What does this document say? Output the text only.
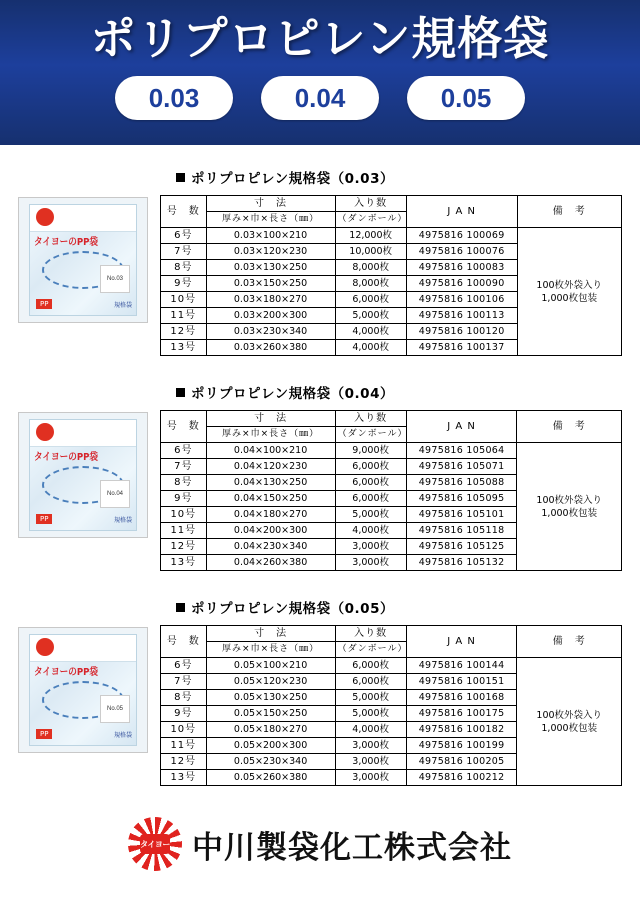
ポリプロピレン規格袋
0.03	0.04	0.05
ポリプロピレン規格袋（0.03）
タイヨーのPP袋
No.03
PP	規格袋
号　数	寸　法	入り数	J A N	備　考
	厚み×巾×長さ（㎜）	（ダンボール）		
6号	0.03×100×210	12,000枚	4975816 100069	100枚外袋入り
1,000枚包装

7号	0.03×120×230	10,000枚	4975816 100076	
8号	0.03×130×250	8,000枚	4975816 100083	
9号	0.03×150×250	8,000枚	4975816 100090	
10号	0.03×180×270	6,000枚	4975816 100106	
11号	0.03×200×300	5,000枚	4975816 100113	
12号	0.03×230×340	4,000枚	4975816 100120	
13号	0.03×260×380	4,000枚	4975816 100137	
ポリプロピレン規格袋（0.04）
タイヨーのPP袋
No.04
PP	規格袋
号　数	寸　法	入り数	J A N	備　考
	厚み×巾×長さ（㎜）	（ダンボール）		
6号	0.04×100×210	9,000枚	4975816 105064	100枚外袋入り
1,000枚包装

7号	0.04×120×230	6,000枚	4975816 105071	
8号	0.04×130×250	6,000枚	4975816 105088	
9号	0.04×150×250	6,000枚	4975816 105095	
10号	0.04×180×270	5,000枚	4975816 105101	
11号	0.04×200×300	4,000枚	4975816 105118	
12号	0.04×230×340	3,000枚	4975816 105125	
13号	0.04×260×380	3,000枚	4975816 105132	
ポリプロピレン規格袋（0.05）
タイヨーのPP袋
No.05
PP	規格袋
号　数	寸　法	入り数	J A N	備　考
	厚み×巾×長さ（㎜）	（ダンボール）		
6号	0.05×100×210	6,000枚	4975816 100144	100枚外袋入り
1,000枚包装

7号	0.05×120×230	6,000枚	4975816 100151	
8号	0.05×130×250	5,000枚	4975816 100168	
9号	0.05×150×250	5,000枚	4975816 100175	
10号	0.05×180×270	4,000枚	4975816 100182	
11号	0.05×200×300	3,000枚	4975816 100199	
12号	0.05×230×340	3,000枚	4975816 100205	
13号	0.05×260×380	3,000枚	4975816 100212	
タイヨー 中川製袋化工株式会社
